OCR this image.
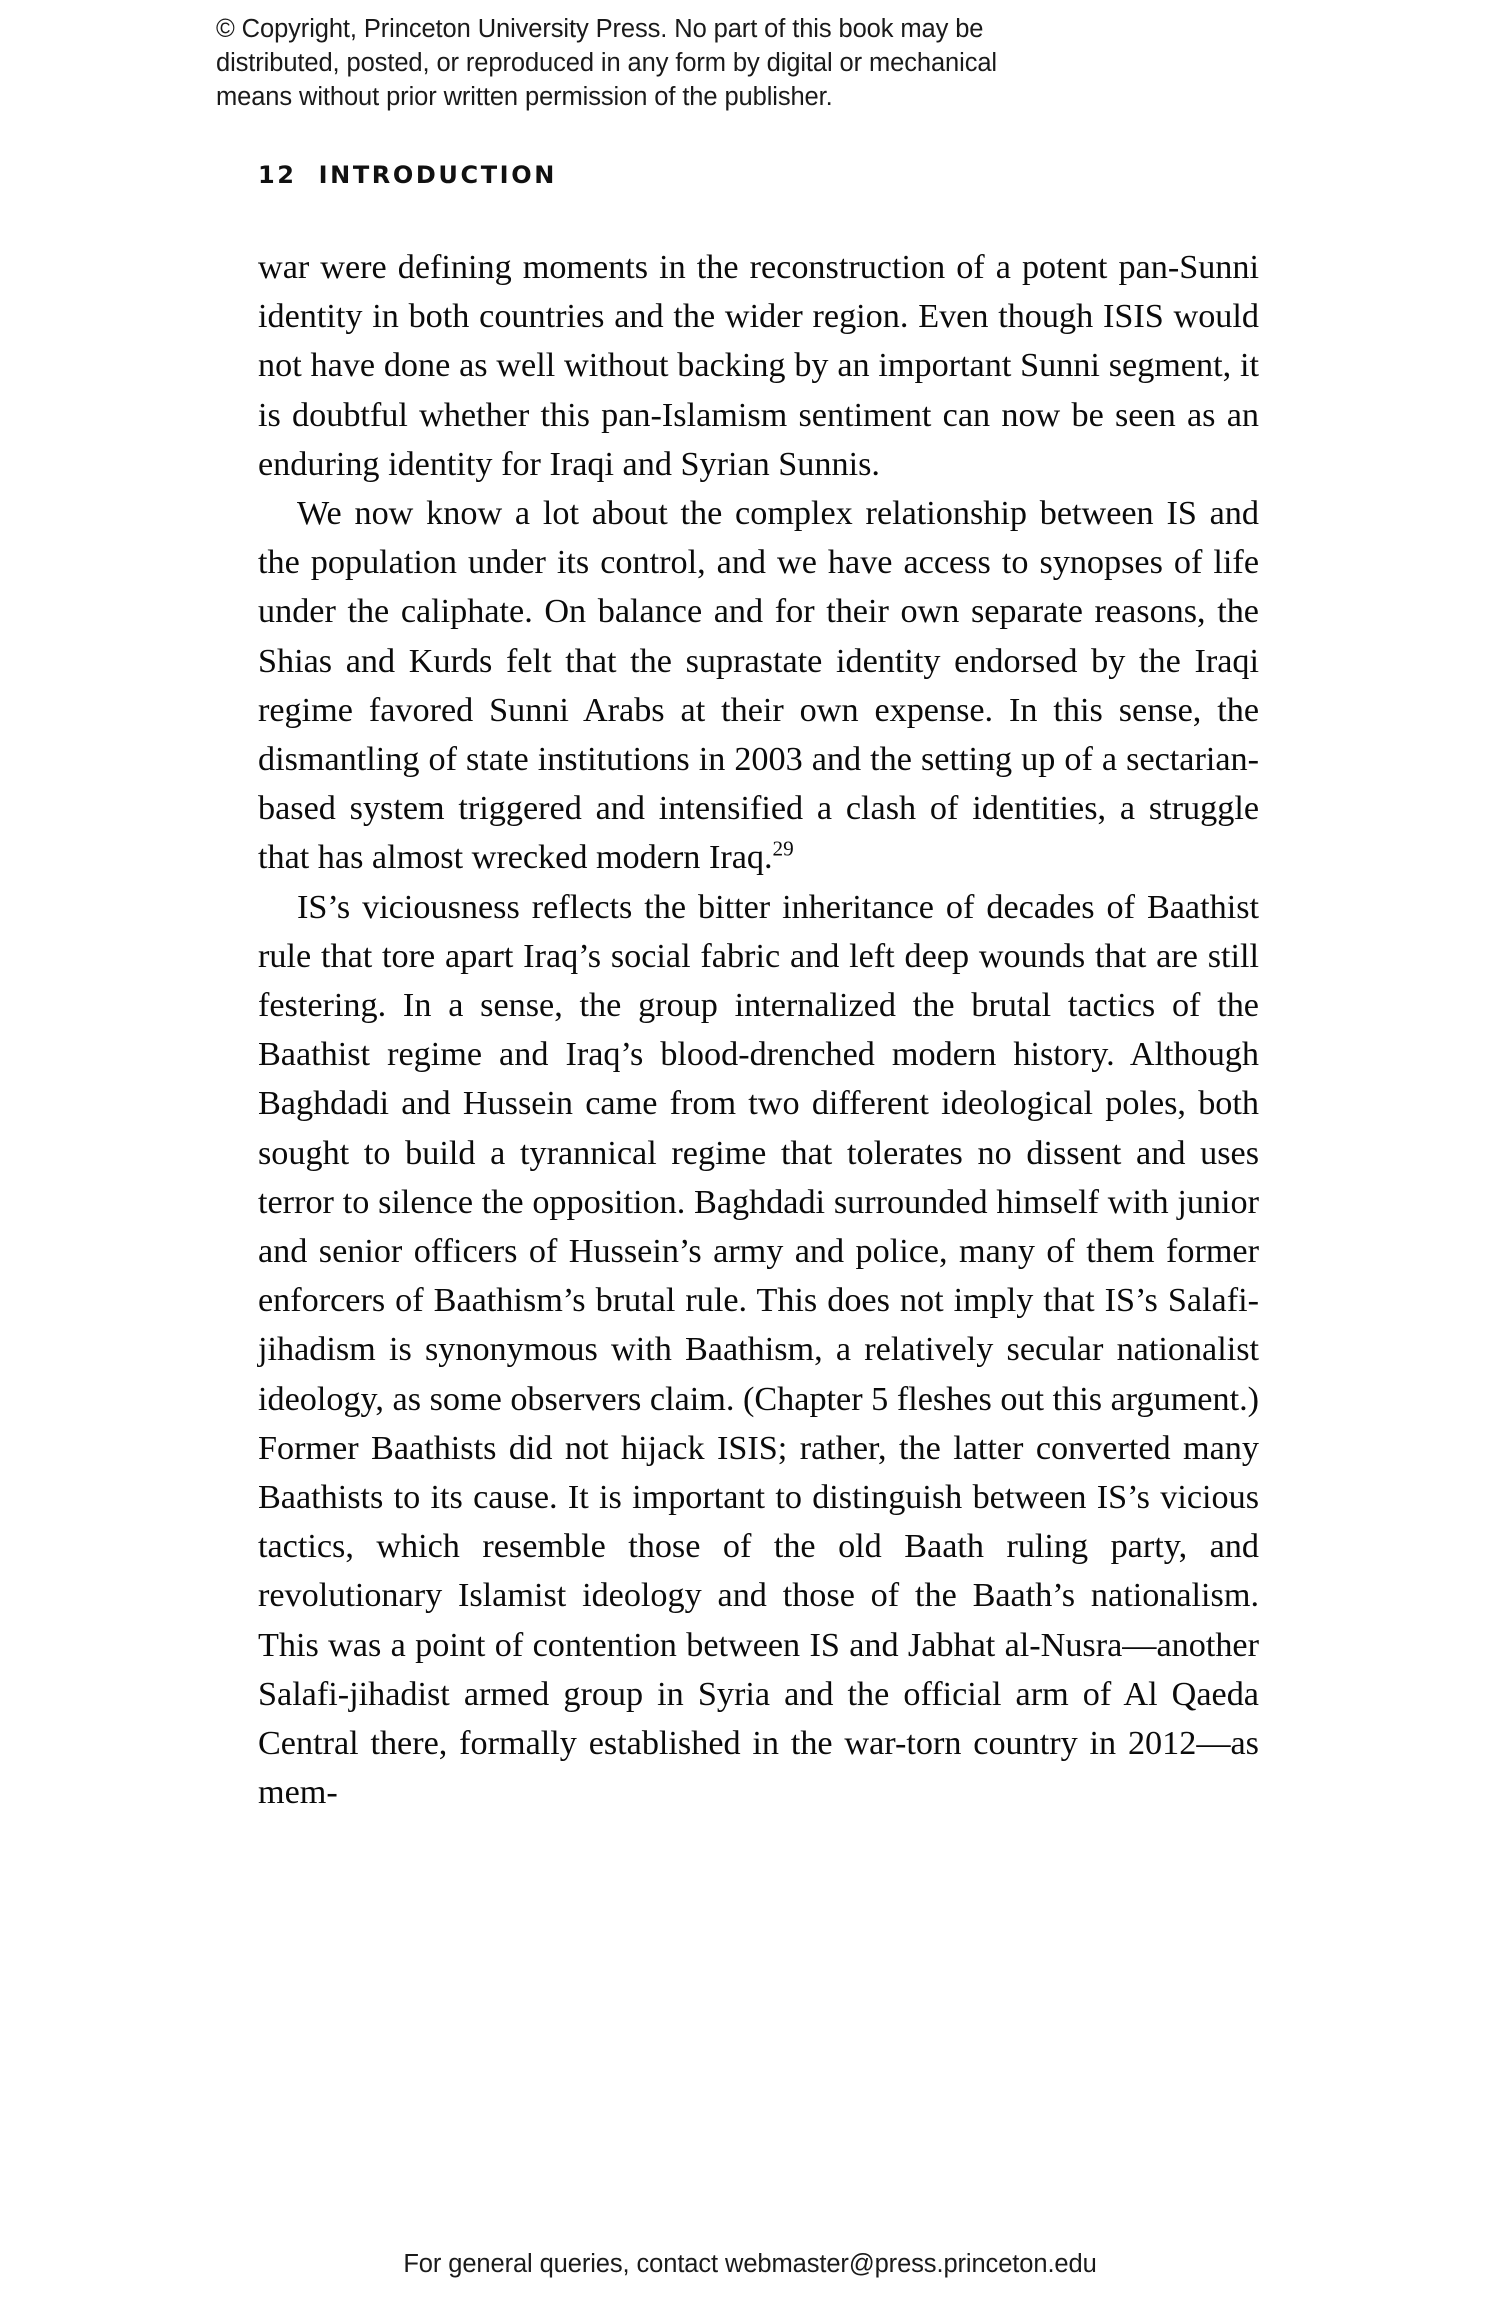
© Copyright, Princeton University Press. No part of this book may be

distributed, posted, or reproduced in any form by digital or mechanical

means without prior written permission of the publisher.

12 INTRODUCTION

war were defining moments in the reconstruction of a potent pan-Sunni identity in both countries and the wider region. Even though ISIS would not have done as well without backing by an important Sunni segment, it is doubtful whether this pan-Islamism sentiment can now be seen as an enduring identity for Iraqi and Syrian Sunnis.

We now know a lot about the complex relationship between IS and the population under its control, and we have access to synopses of life under the caliphate. On balance and for their own separate reasons, the Shias and Kurds felt that the suprastate identity endorsed by the Iraqi regime favored Sunni Arabs at their own expense. In this sense, the dismantling of state institutions in 2003 and the setting up of a sectarian-based system triggered and intensified a clash of identities, a struggle that has almost wrecked modern Iraq.$^{29}$

IS’s viciousness reflects the bitter inheritance of decades of Baathist rule that tore apart Iraq’s social fabric and left deep wounds that are still festering. In a sense, the group internalized the brutal tactics of the Baathist regime and Iraq’s blood-drenched modern history. Although Baghdadi and Hussein came from two different ideological poles, both sought to build a tyrannical regime that tolerates no dissent and uses terror to silence the opposition. Baghdadi surrounded himself with junior and senior officers of Hussein’s army and police, many of them former enforcers of Baathism’s brutal rule. This does not imply that IS’s Salafi-jihadism is synonymous with Baathism, a relatively secular nationalist ideology, as some observers claim. (Chapter 5 fleshes out this argument.) Former Baathists did not hijack ISIS; rather, the latter converted many Baathists to its cause. It is important to distinguish between IS’s vicious tactics, which resemble those of the old Baath ruling party, and revolutionary Islamist ideology and those of the Baath’s nationalism. This was a point of contention between IS and Jabhat al-Nusra—another Salafi-jihadist armed group in Syria and the official arm of Al Qaeda Central there, formally established in the war-torn country in 2012—as mem-

For general queries, contact webmaster@press.princeton.edu
